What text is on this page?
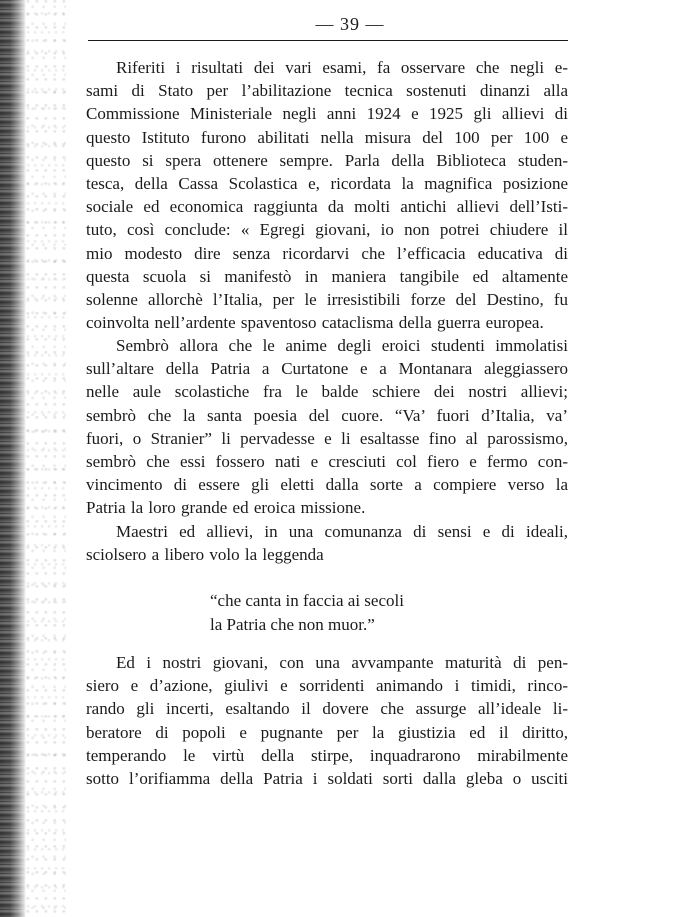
— 39 —
Riferiti i risultati dei vari esami, fa osservare che negli e-
sami di Stato per l’abilitazione tecnica sostenuti dinanzi alla
Commissione Ministeriale negli anni 1924 e 1925 gli allievi di
questo Istituto furono abilitati nella misura del 100 per 100 e
questo si spera ottenere sempre. Parla della Biblioteca studen-
tesca, della Cassa Scolastica e, ricordata la magnifica posizione
sociale ed economica raggiunta da molti antichi allievi dell’Isti-
tuto, così conclude: « Egregi giovani, io non potrei chiudere il
mio modesto dire senza ricordarvi che l’efficacia educativa di
questa scuola si manifestò in maniera tangibile ed altamente
solenne allorchè l’Italia, per le irresistibili forze del Destino, fu
coinvolta nell’ardente spaventoso cataclisma della guerra europea.
Sembrò allora che le anime degli eroici studenti immolatisi
sull’altare della Patria a Curtatone e a Montanara aleggiassero
nelle aule scolastiche fra le balde schiere dei nostri allievi;
sembrò che la santa poesia del cuore. “Va’ fuori d’Italia, va’
fuori, o Stranier” li pervadesse e li esaltasse fino al parossismo,
sembrò che essi fossero nati e cresciuti col fiero e fermo con-
vincimento di essere gli eletti dalla sorte a compiere verso la
Patria la loro grande ed eroica missione.
Maestri ed allievi, in una comunanza di sensi e di ideali,
sciolsero a libero volo la leggenda
“che canta in faccia ai secoli
la Patria che non muor.”
Ed i nostri giovani, con una avvampante maturità di pen-
siero e d’azione, giulivi e sorridenti animando i timidi, rinco-
rando gli incerti, esaltando il dovere che assurge all’ideale li-
beratore di popoli e pugnante per la giustizia ed il diritto,
temperando le virtù della stirpe, inquadrarono mirabilmente
sotto l’orifiamma della Patria i soldati sorti dalla gleba o usciti
